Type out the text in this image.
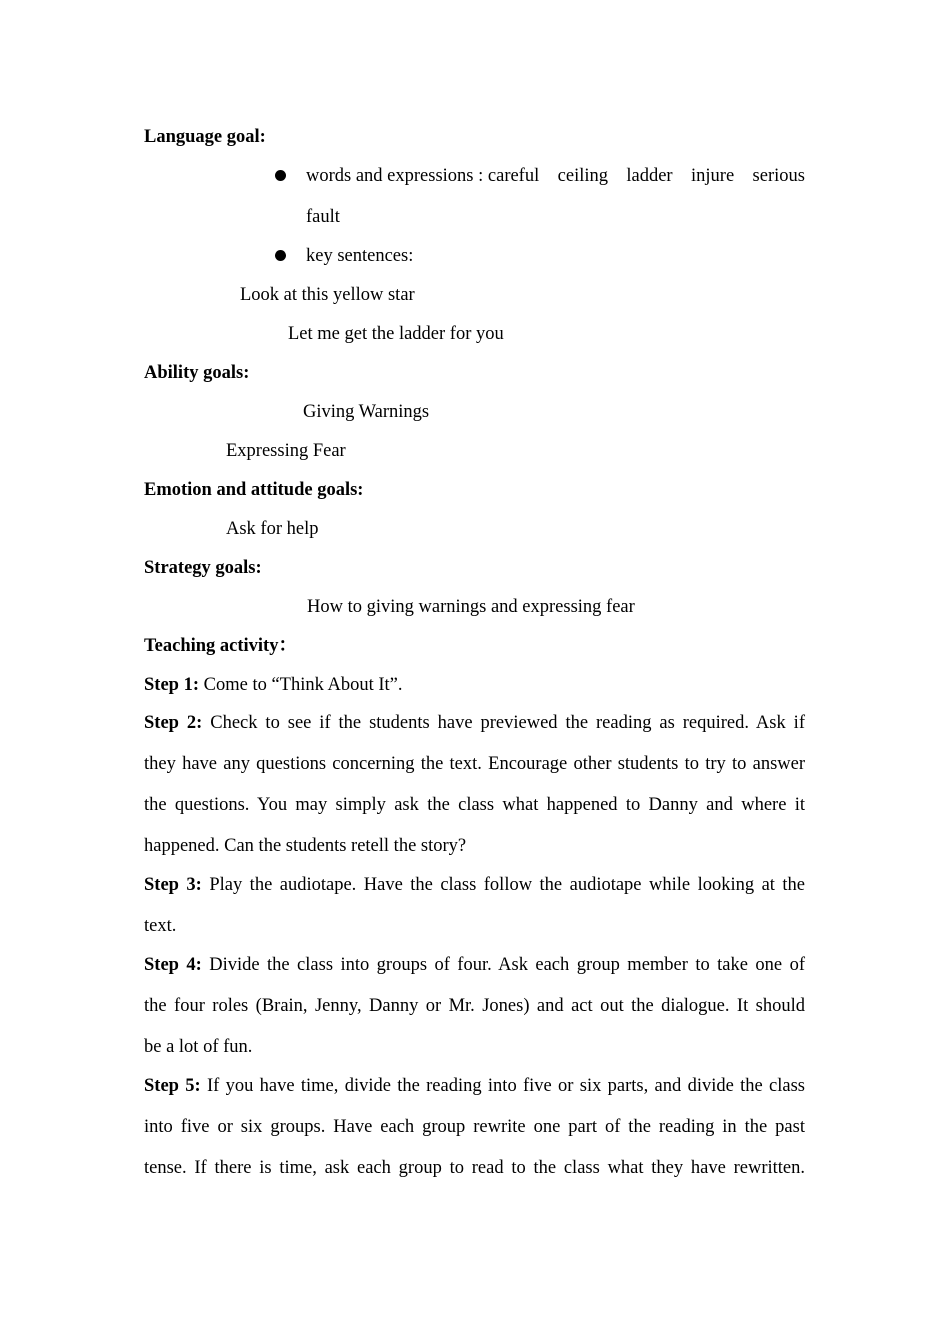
Language goal:
words and expressions : careful ceiling ladder injure serious
fault
key sentences:
Look at this yellow star
Let me get the ladder for you
Ability goals:
Giving Warnings
Expressing Fear
Emotion and attitude goals:
Ask for help
Strategy goals:
How to giving warnings and expressing fear
Teaching activity：
Step 1: Come to “Think About It”.
Step 2: Check to see if the students have previewed the reading as required. Ask if
they have any questions concerning the text. Encourage other students to try to answer
the questions. You may simply ask the class what happened to Danny and where it
happened. Can the students retell the story?
Step 3: Play the audiotape. Have the class follow the audiotape while looking at the
text.
Step 4: Divide the class into groups of four. Ask each group member to take one of
the four roles (Brain, Jenny, Danny or Mr. Jones) and act out the dialogue. It should
be a lot of fun.
Step 5: If you have time, divide the reading into five or six parts, and divide the class
into five or six groups. Have each group rewrite one part of the reading in the past
tense. If there is time, ask each group to read to the class what they have rewritten.
